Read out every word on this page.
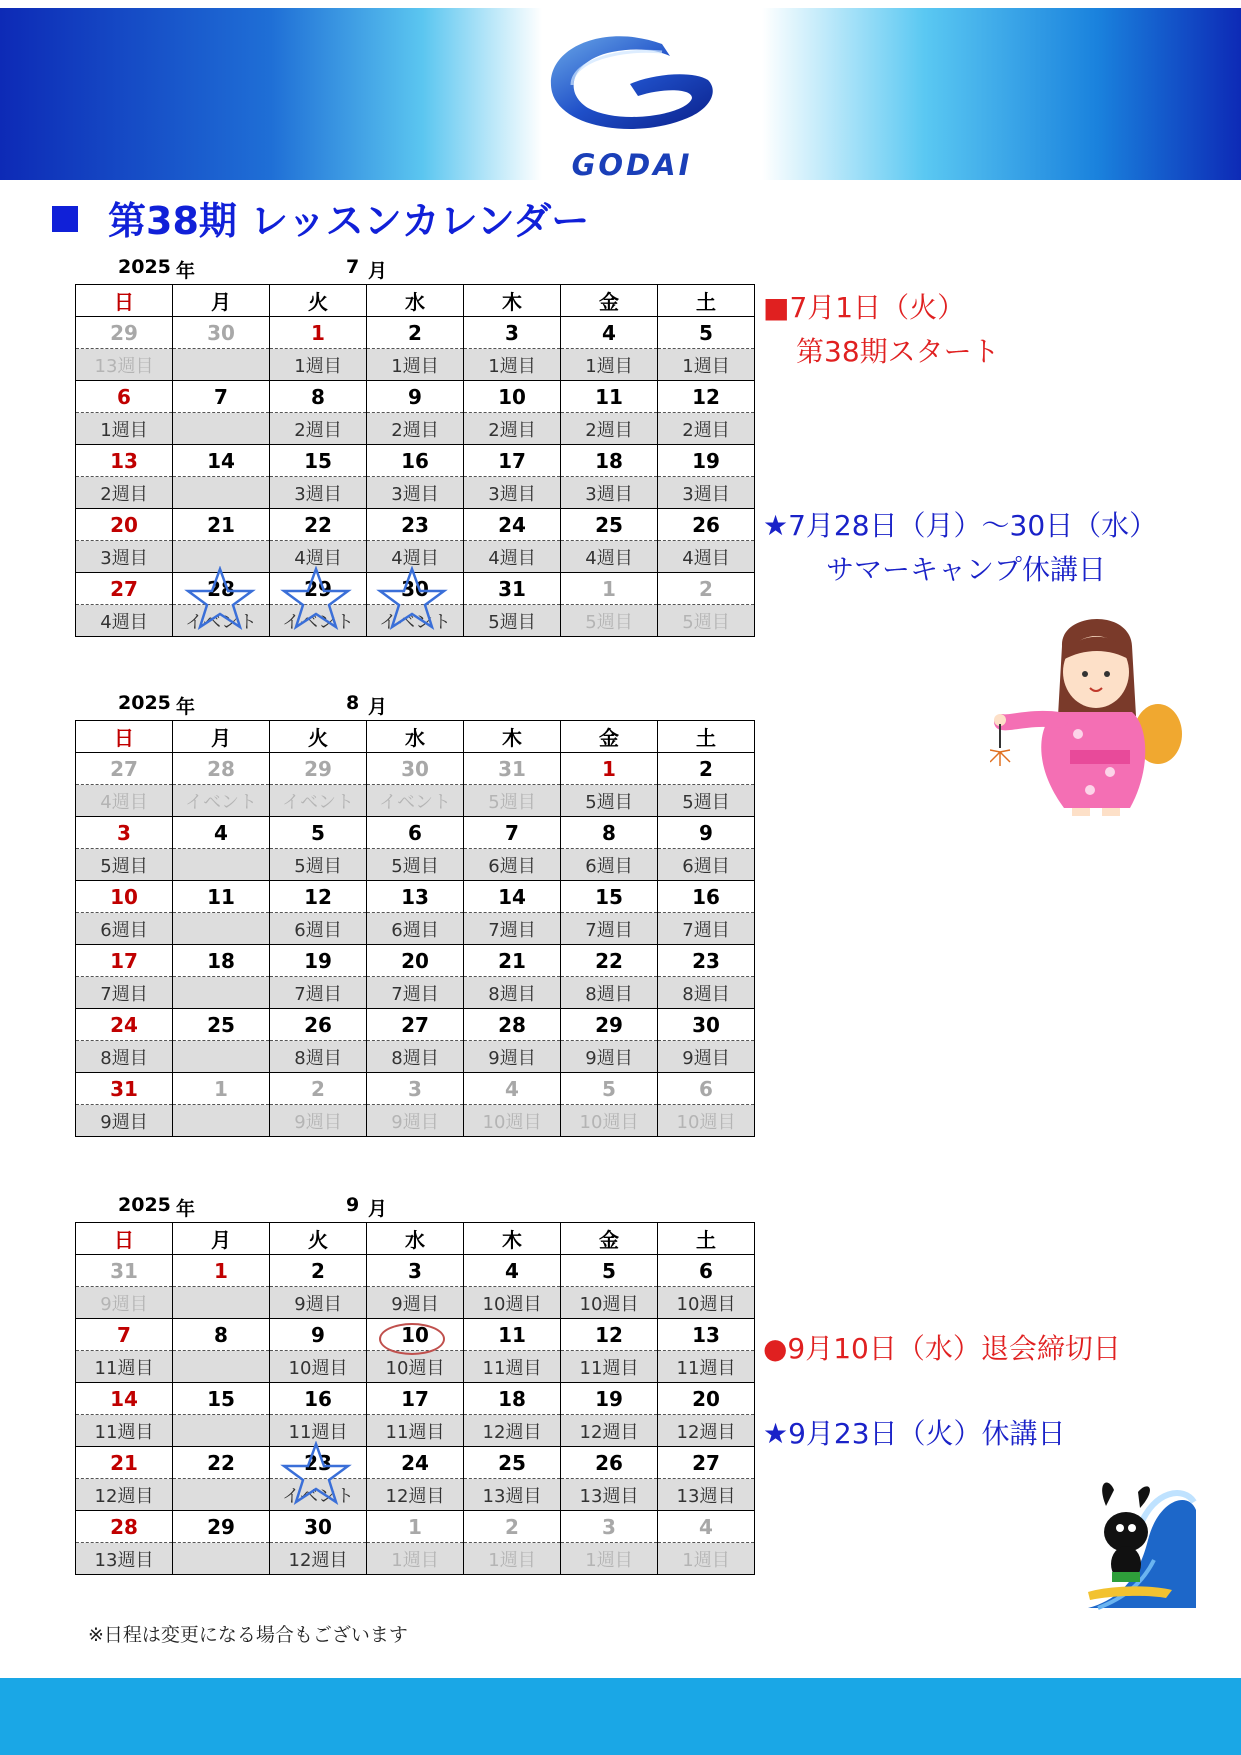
GODAI
第38期 レッスンカレンダー
2025 年	7 月
2025 年	8 月
2025 年	9 月
日	月	火	水	木	金	土
29	30	1	2	3	4	5
13週目		1週目	1週目	1週目	1週目	1週目
6	7	8	9	10	11	12
1週目		2週目	2週目	2週目	2週目	2週目
13	14	15	16	17	18	19
2週目		3週目	3週目	3週目	3週目	3週目
20	21	22	23	24	25	26
3週目		4週目	4週目	4週目	4週目	4週目
27	28	29	30	31	1	2
4週目	イベント	イベント	イベント	5週目	5週目	5週目
日	月	火	水	木	金	土
27	28	29	30	31	1	2
4週目	イベント	イベント	イベント	5週目	5週目	5週目
3	4	5	6	7	8	9
5週目		5週目	5週目	6週目	6週目	6週目
10	11	12	13	14	15	16
6週目		6週目	6週目	7週目	7週目	7週目
17	18	19	20	21	22	23
7週目		7週目	7週目	8週目	8週目	8週目
24	25	26	27	28	29	30
8週目		8週目	8週目	9週目	9週目	9週目
31	1	2	3	4	5	6
9週目		9週目	9週目	10週目	10週目	10週目
日	月	火	水	木	金	土
31	1	2	3	4	5	6
9週目		9週目	9週目	10週目	10週目	10週目
7	8	9	10	11	12	13
11週目		10週目	10週目	11週目	11週目	11週目
14	15	16	17	18	19	20
11週目		11週目	11週目	12週目	12週目	12週目
21	22	23	24	25	26	27
12週目		イベント	12週目	13週目	13週目	13週目
28	29	30	1	2	3	4
13週目		12週目	1週目	1週目	1週目	1週目
■7月1日（火）
第38期スタート
★7月28日（月）～30日（水）
サマーキャンプ休講日
●9月10日（水）退会締切日
★9月23日（火）休講日
※日程は変更になる場合もございます
